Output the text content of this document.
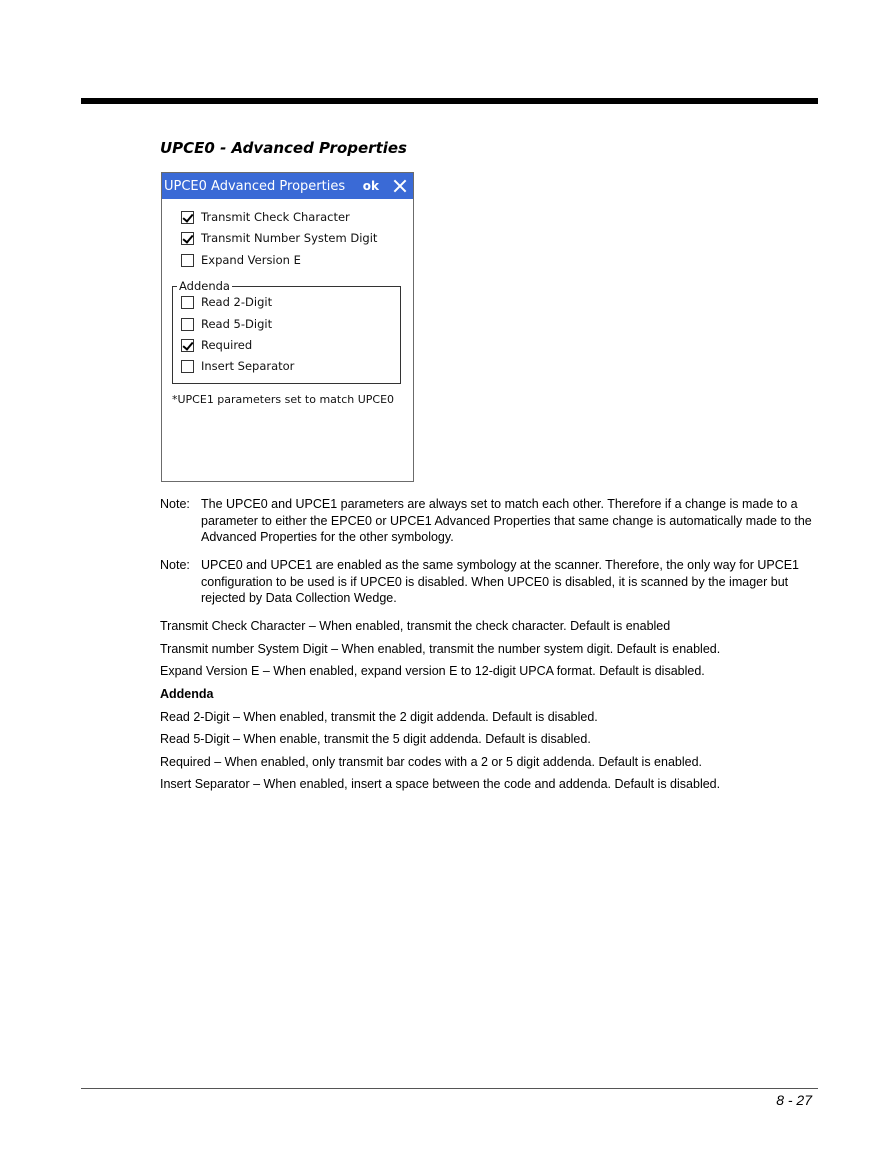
UPCE0 - Advanced Properties
UPCE0 Advanced Properties	ok
Transmit Check Character
Transmit Number System Digit
Expand Version E
Addenda
Read 2-Digit
Read 5-Digit
Required
Insert Separator
*UPCE1 parameters set to match UPCE0
Note: The UPCE0 and UPCE1 parameters are always set to match each other. Therefore if a change is made to a parameter to either the EPCE0 or UPCE1 Advanced Properties that same change is automatically made to the Advanced Properties for the other symbology.
Note: UPCE0 and UPCE1 are enabled as the same symbology at the scanner. Therefore, the only way for UPCE1 configuration to be used is if UPCE0 is disabled. When UPCE0 is disabled, it is scanned by the imager but rejected by Data Collection Wedge.
Transmit Check Character – When enabled, transmit the check character. Default is enabled
Transmit number System Digit – When enabled, transmit the number system digit. Default is enabled.
Expand Version E – When enabled, expand version E to 12-digit UPCA format. Default is disabled.
Addenda
Read 2-Digit – When enabled, transmit the 2 digit addenda. Default is disabled.
Read 5-Digit – When enable, transmit the 5 digit addenda. Default is disabled.
Required – When enabled, only transmit bar codes with a 2 or 5 digit addenda. Default is enabled.
Insert Separator – When enabled, insert a space between the code and addenda. Default is disabled.
8 - 27
